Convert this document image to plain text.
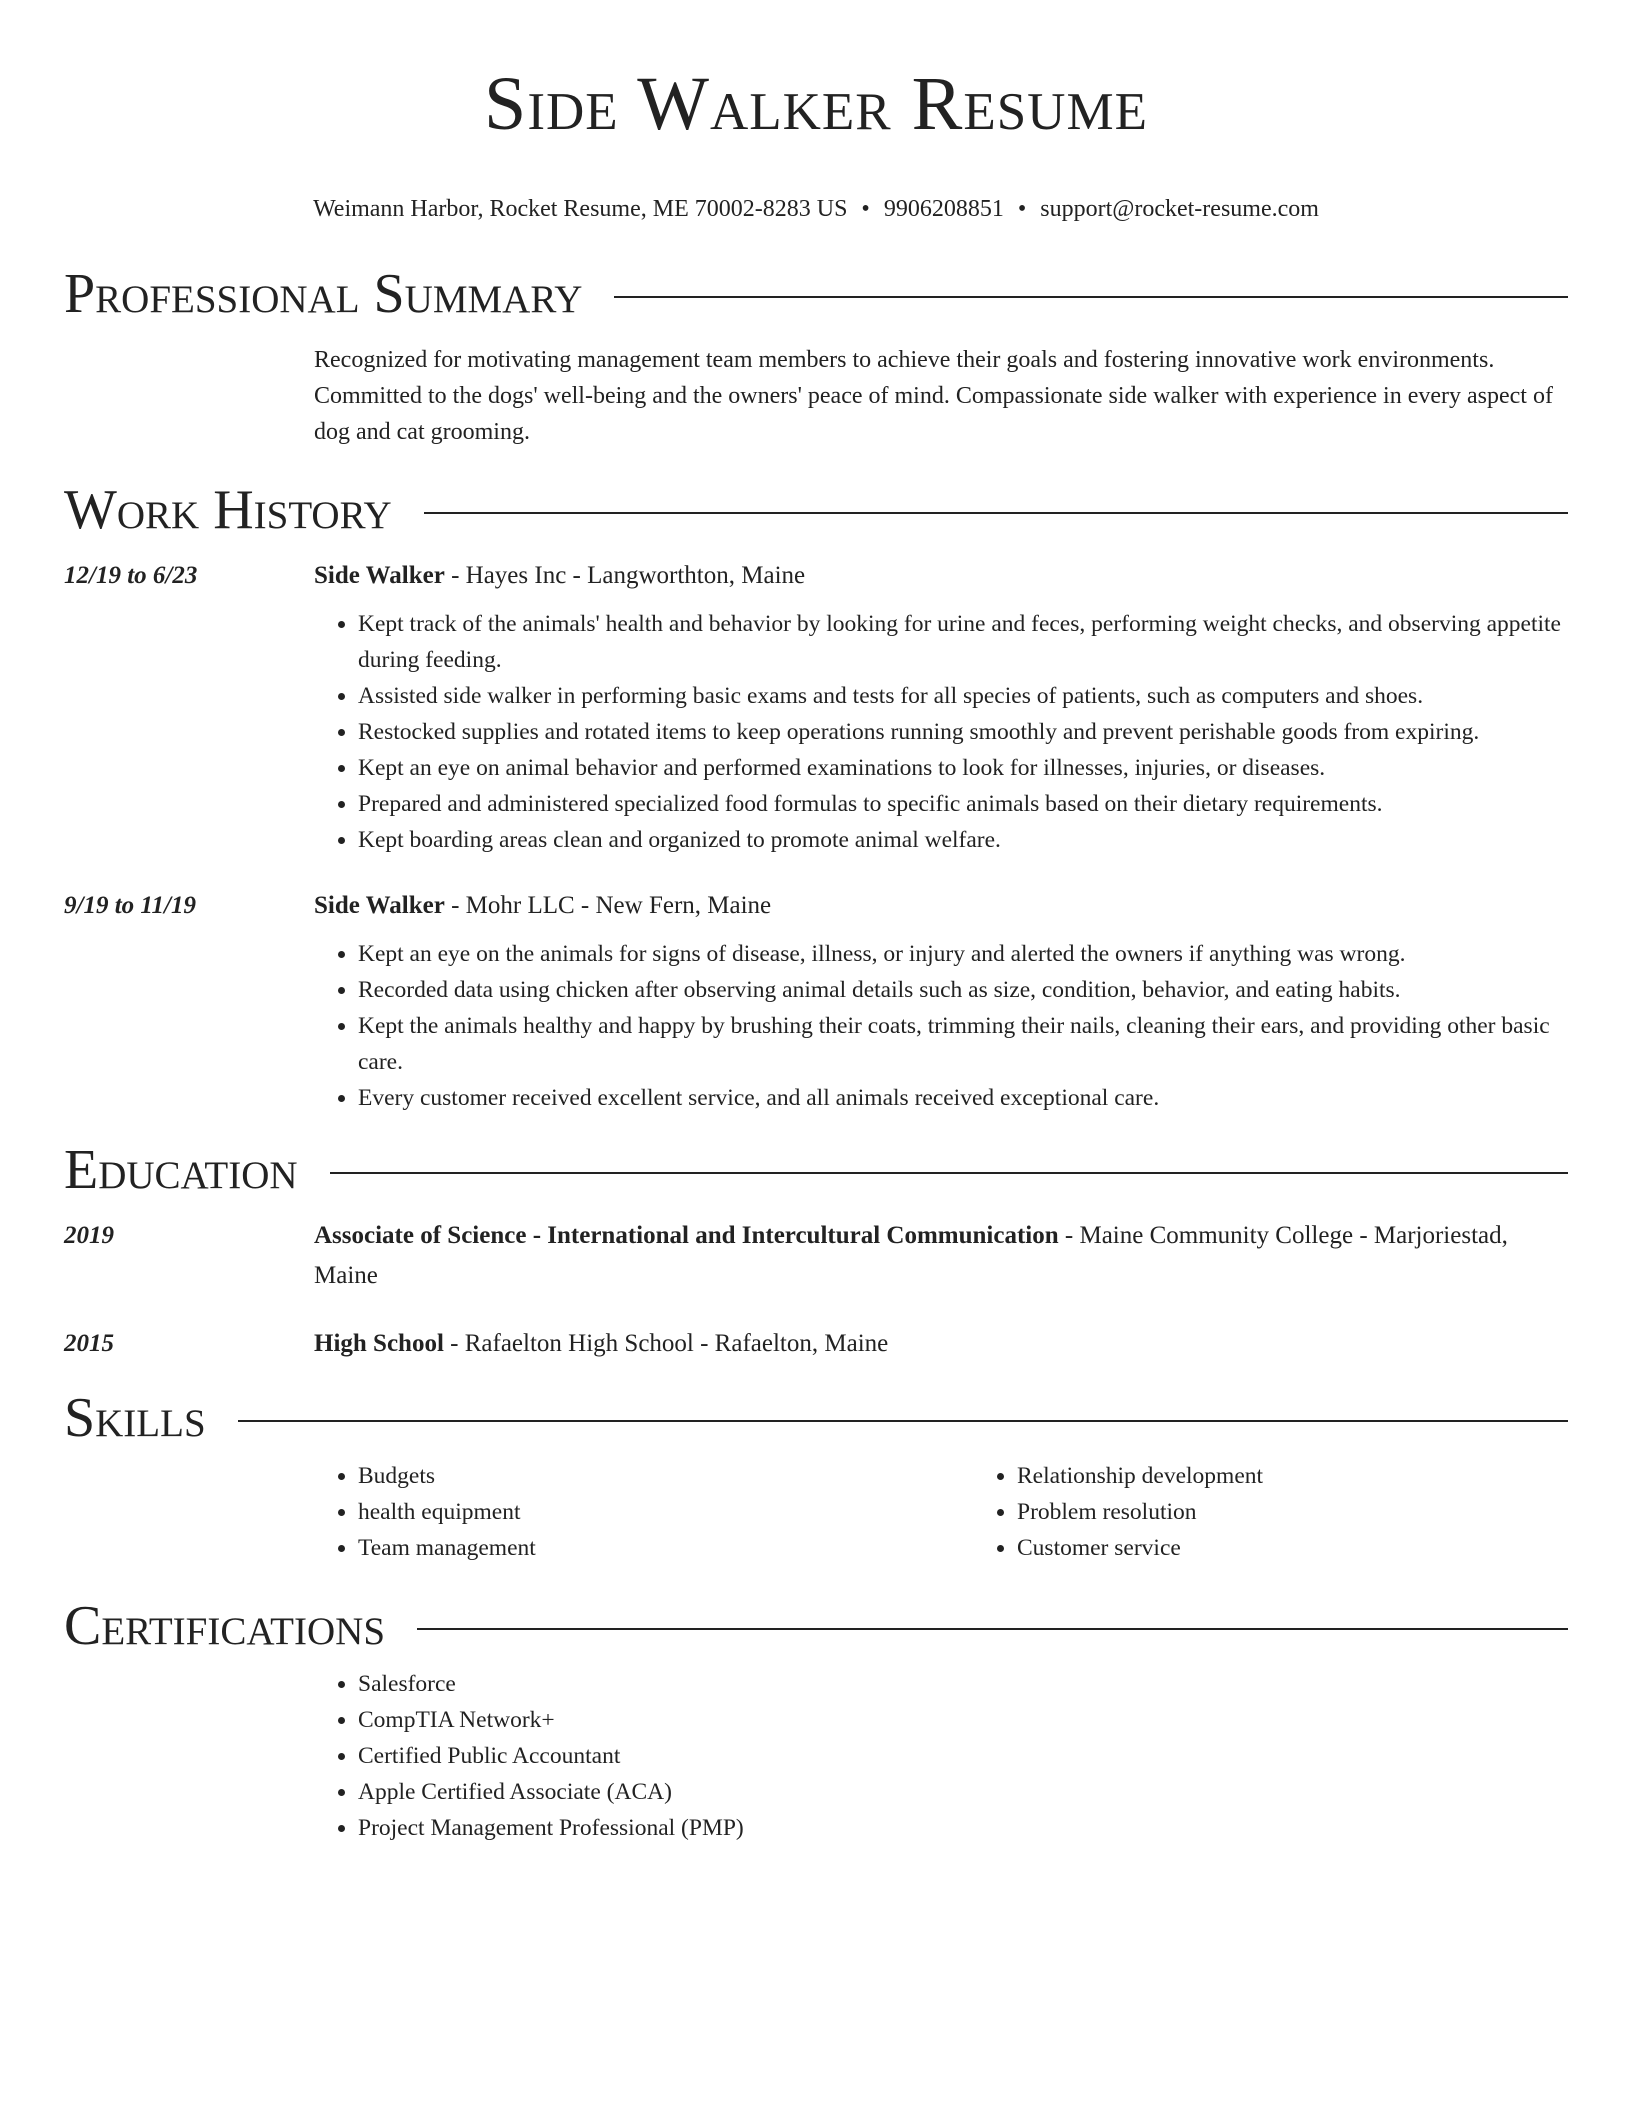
Side Walker Resume
Weimann Harbor, Rocket Resume, ME 70002-8283 US • 9906208851 • support@rocket-resume.com
Professional Summary
Recognized for motivating management team members to achieve their goals and fostering innovative work environments. Committed to the dogs' well-being and the owners' peace of mind. Compassionate side walker with experience in every aspect of dog and cat grooming.
Work History
12/19 to 6/23	Side Walker - Hayes Inc - Langworthton, Maine
• Kept track of the animals' health and behavior by looking for urine and feces, performing weight checks, and observing appetite during feeding.
• Assisted side walker in performing basic exams and tests for all species of patients, such as computers and shoes.
• Restocked supplies and rotated items to keep operations running smoothly and prevent perishable goods from expiring.
• Kept an eye on animal behavior and performed examinations to look for illnesses, injuries, or diseases.
• Prepared and administered specialized food formulas to specific animals based on their dietary requirements.
• Kept boarding areas clean and organized to promote animal welfare.
9/19 to 11/19	Side Walker - Mohr LLC - New Fern, Maine
• Kept an eye on the animals for signs of disease, illness, or injury and alerted the owners if anything was wrong.
• Recorded data using chicken after observing animal details such as size, condition, behavior, and eating habits.
• Kept the animals healthy and happy by brushing their coats, trimming their nails, cleaning their ears, and providing other basic care.
• Every customer received excellent service, and all animals received exceptional care.
Education
2019	Associate of Science - International and Intercultural Communication - Maine Community College - Marjoriestad, Maine
2015	High School - Rafaelton High School - Rafaelton, Maine
Skills
• Budgets
• health equipment
• Team management
• Relationship development
• Problem resolution
• Customer service
Certifications
• Salesforce
• CompTIA Network+
• Certified Public Accountant
• Apple Certified Associate (ACA)
• Project Management Professional (PMP)
